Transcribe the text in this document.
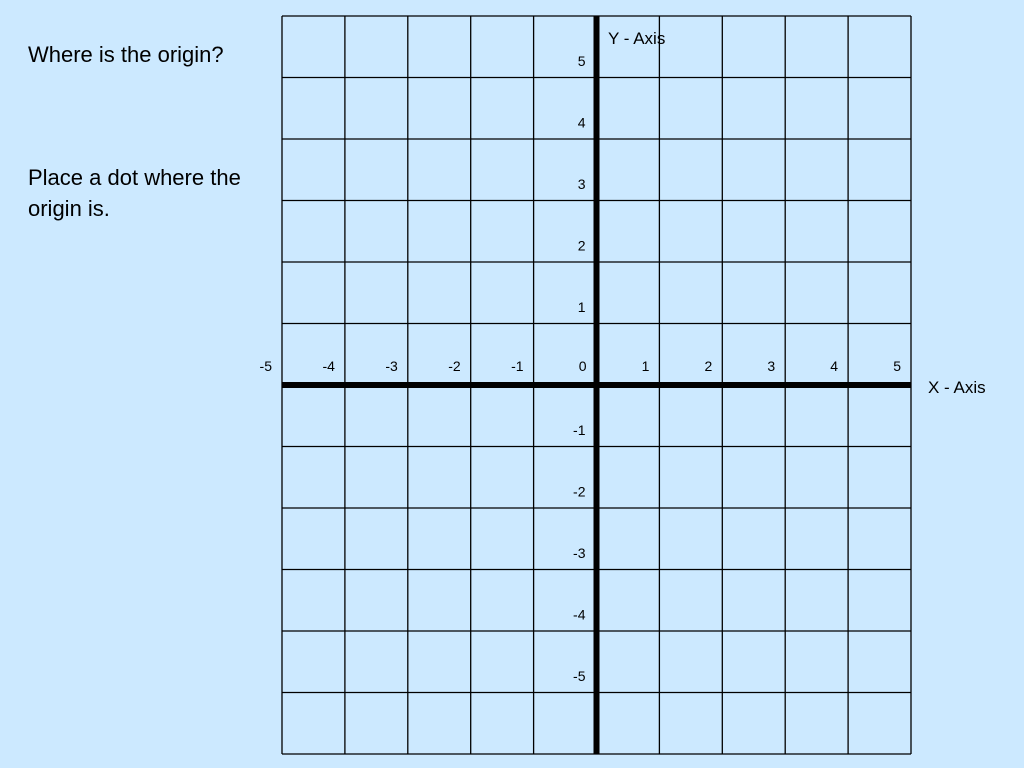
Where is the origin?
Place a dot where the origin is.
-5	-4	-3	-2	-1	0	1	2	3	4	5
5
4
3
2
1
-1
-2
-3
-4
-5
X - Axis
Y - Axis
